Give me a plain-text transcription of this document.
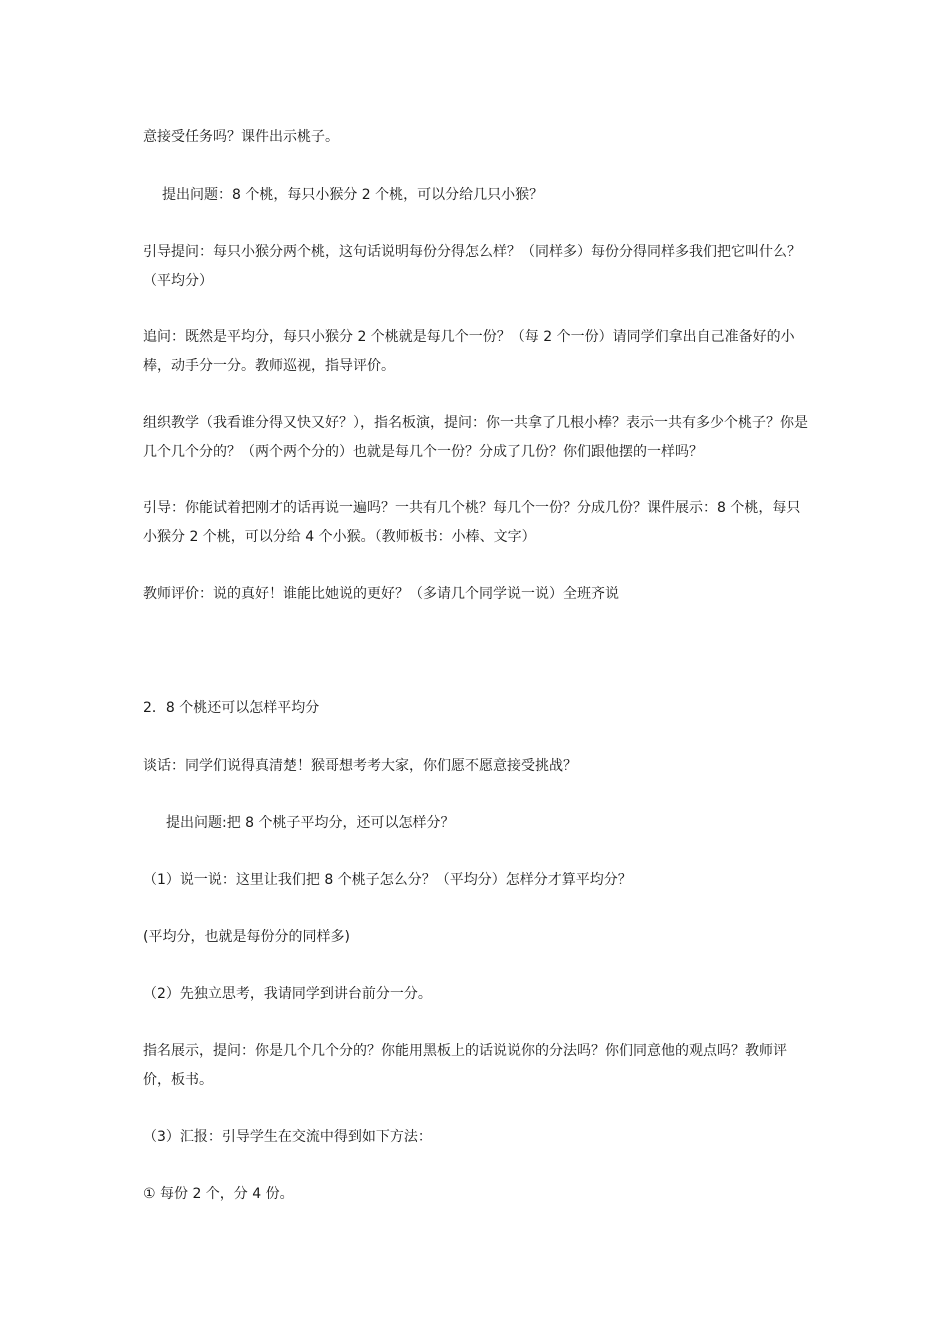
意接受任务吗？课件出示桃子。

提出问题：8 个桃，每只小猴分 2 个桃，可以分给几只小猴？

引导提问：每只小猴分两个桃，这句话说明每份分得怎么样？（同样多）每份分得同样多我们把它叫什么？（平均分）

追问：既然是平均分，每只小猴分 2 个桃就是每几个一份？（每 2 个一份）请同学们拿出自己准备好的小棒，动手分一分。教师巡视，指导评价。

组织教学（我看谁分得又快又好？），指名板演，提问：你一共拿了几根小棒？表示一共有多少个桃子？你是几个几个分的？（两个两个分的）也就是每几个一份？分成了几份？你们跟他摆的一样吗？

引导：你能试着把刚才的话再说一遍吗？一共有几个桃？每几个一份？分成几份？课件展示：8 个桃，每只小猴分 2 个桃，可以分给 4 个小猴。（教师板书：小棒、文字）

教师评价：说的真好！谁能比她说的更好？（多请几个同学说一说）全班齐说

2．8 个桃还可以怎样平均分

谈话：同学们说得真清楚！猴哥想考考大家，你们愿不愿意接受挑战？

提出问题:把 8 个桃子平均分，还可以怎样分？

（1）说一说：这里让我们把 8 个桃子怎么分？（平均分）怎样分才算平均分？

(平均分，也就是每份分的同样多)

（2）先独立思考，我请同学到讲台前分一分。

指名展示，提问：你是几个几个分的？你能用黑板上的话说说你的分法吗？你们同意他的观点吗？教师评价，板书。

（3）汇报：引导学生在交流中得到如下方法：

① 每份 2 个，分 4 份。
